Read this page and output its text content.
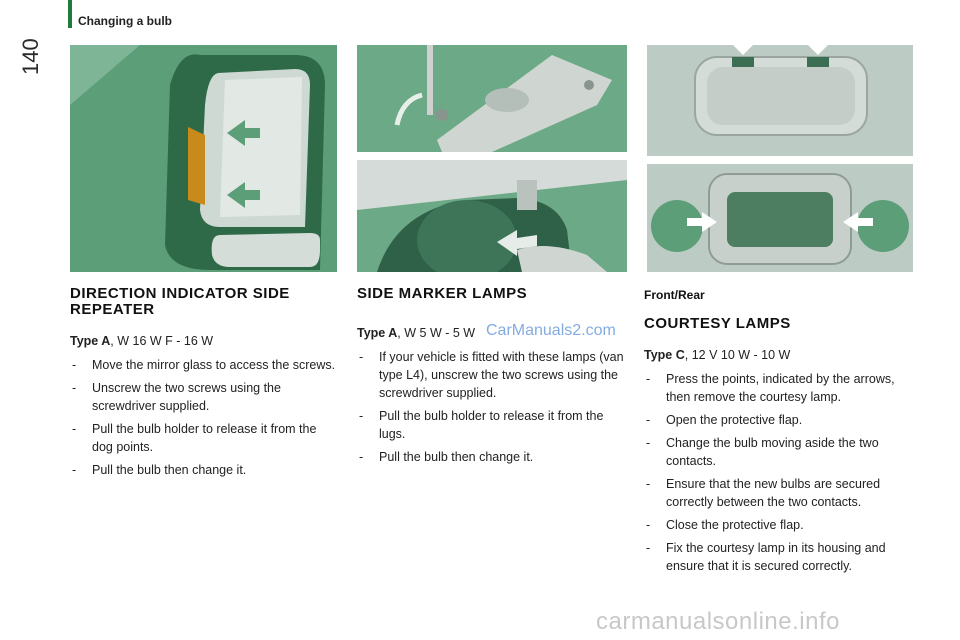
Changing a bulb
140
DIRECTION INDICATOR SIDE REPEATER
Type A, W 16 W F - 16 W
- Move the mirror glass to access the screws.
- Unscrew the two screws using the screwdriver supplied.
- Pull the bulb holder to release it from the dog points.
- Pull the bulb then change it.
SIDE MARKER LAMPS
Type A, W 5 W - 5 W
- If your vehicle is fitted with these lamps (van type L4), unscrew the two screws using the screwdriver supplied.
- Pull the bulb holder to release it from the lugs.
- Pull the bulb then change it.
Front/Rear
COURTESY LAMPS
Type C, 12 V 10 W - 10 W
- Press the points, indicated by the arrows, then remove the courtesy lamp.
- Open the protective flap.
- Change the bulb moving aside the two contacts.
- Ensure that the new bulbs are secured correctly between the two contacts.
- Close the protective flap.
- Fix the courtesy lamp in its housing and ensure that it is secured correctly.
CarManuals2.com
carmanualsonline.info
